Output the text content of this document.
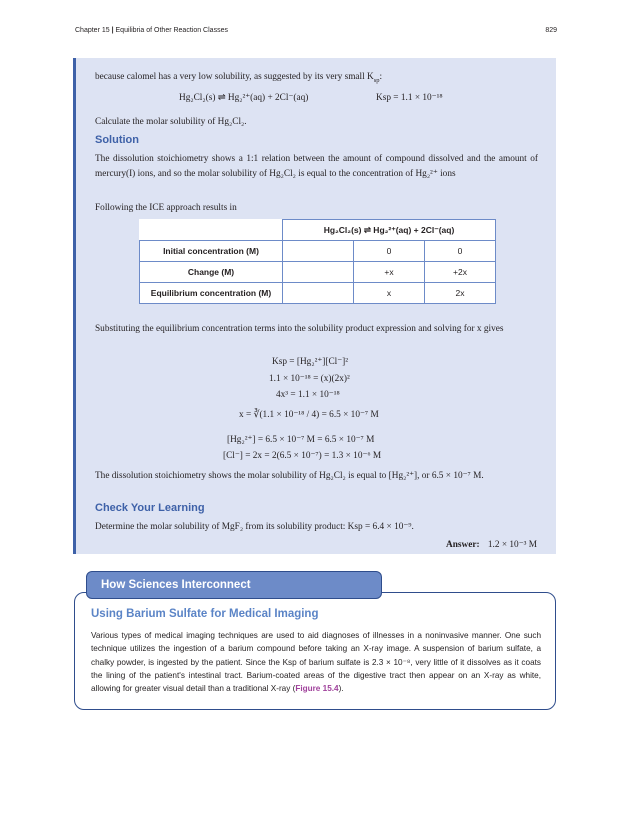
Chapter 15 | Equilibria of Other Reaction Classes	829
because calomel has a very low solubility, as suggested by its very small $K_{sp}$:
Hg₂Cl₂(s) ⇌ Hg₂²⁺(aq) + 2Cl⁻(aq)	Ksp = 1.1 × 10⁻¹⁸
Calculate the molar solubility of Hg₂Cl₂.
Solution
The dissolution stoichiometry shows a 1:1 relation between the amount of compound dissolved and the amount of mercury(I) ions, and so the molar solubility of Hg₂Cl₂ is equal to the concentration of Hg₂²⁺ ions
Following the ICE approach results in
	Hg₂Cl₂(s) ⇌ Hg₂²⁺(aq) + 2Cl⁻(aq)		
Initial concentration (M)		0	0
Change (M)		+x	+2x
Equilibrium concentration (M)		x	2x
Substituting the equilibrium concentration terms into the solubility product expression and solving for x gives
Ksp = [Hg₂²⁺][Cl⁻]²
1.1 × 10⁻¹⁸ = (x)(2x)²
4x³ = 1.1 × 10⁻¹⁸
x = ∛(1.1 × 10⁻¹⁸ / 4) = 6.5 × 10⁻⁷ M
[Hg₂²⁺] = 6.5 × 10⁻⁷ M = 6.5 × 10⁻⁷ M
[Cl⁻] = 2x = 2(6.5 × 10⁻⁷) = 1.3 × 10⁻⁶ M
The dissolution stoichiometry shows the molar solubility of Hg₂Cl₂ is equal to [Hg₂²⁺], or 6.5 × 10⁻⁷ M.
Check Your Learning
Determine the molar solubility of MgF₂ from its solubility product: Ksp = 6.4 × 10⁻⁹.
Answer: 1.2 × 10⁻³ M
How Sciences Interconnect
Using Barium Sulfate for Medical Imaging
Various types of medical imaging techniques are used to aid diagnoses of illnesses in a noninvasive manner. One such technique utilizes the ingestion of a barium compound before taking an X-ray image. A suspension of barium sulfate, a chalky powder, is ingested by the patient. Since the Ksp of barium sulfate is 2.3 × 10⁻⁸, very little of it dissolves as it coats the lining of the patient's intestinal tract. Barium-coated areas of the digestive tract then appear on an X-ray as white, allowing for greater visual detail than a traditional X-ray (Figure 15.4).
